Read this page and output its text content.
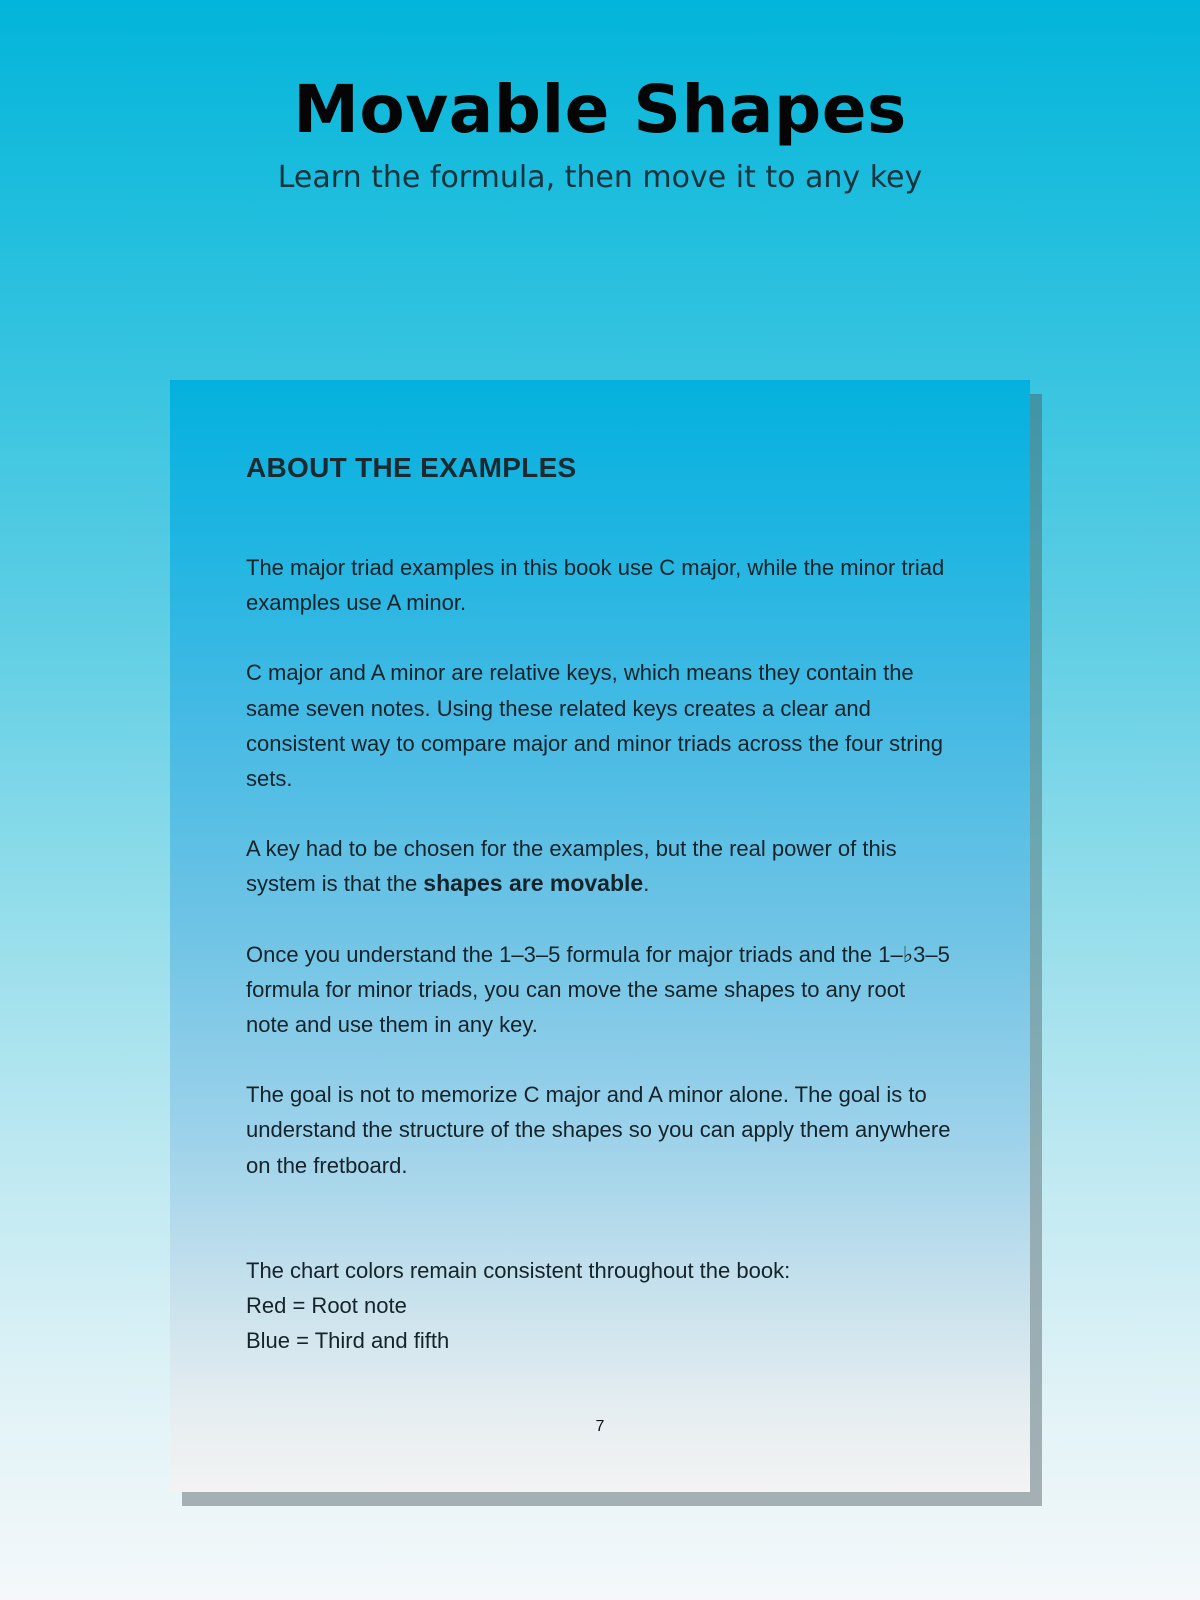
Movable Shapes

Learn the formula, then move it to any key

ABOUT THE EXAMPLES

The major triad examples in this book use C major, while the minor triad examples use A minor.

C major and A minor are relative keys, which means they contain the same seven notes. Using these related keys creates a clear and consistent way to compare major and minor triads across the four string sets.

A key had to be chosen for the examples, but the real power of this system is that the shapes are movable.

Once you understand the 1–3–5 formula for major triads and the 1–♭3–5 formula for minor triads, you can move the same shapes to any root note and use them in any key.

The goal is not to memorize C major and A minor alone. The goal is to understand the structure of the shapes so you can apply them anywhere on the fretboard.

The chart colors remain consistent throughout the book:
Red = Root note
Blue = Third and fifth
7
